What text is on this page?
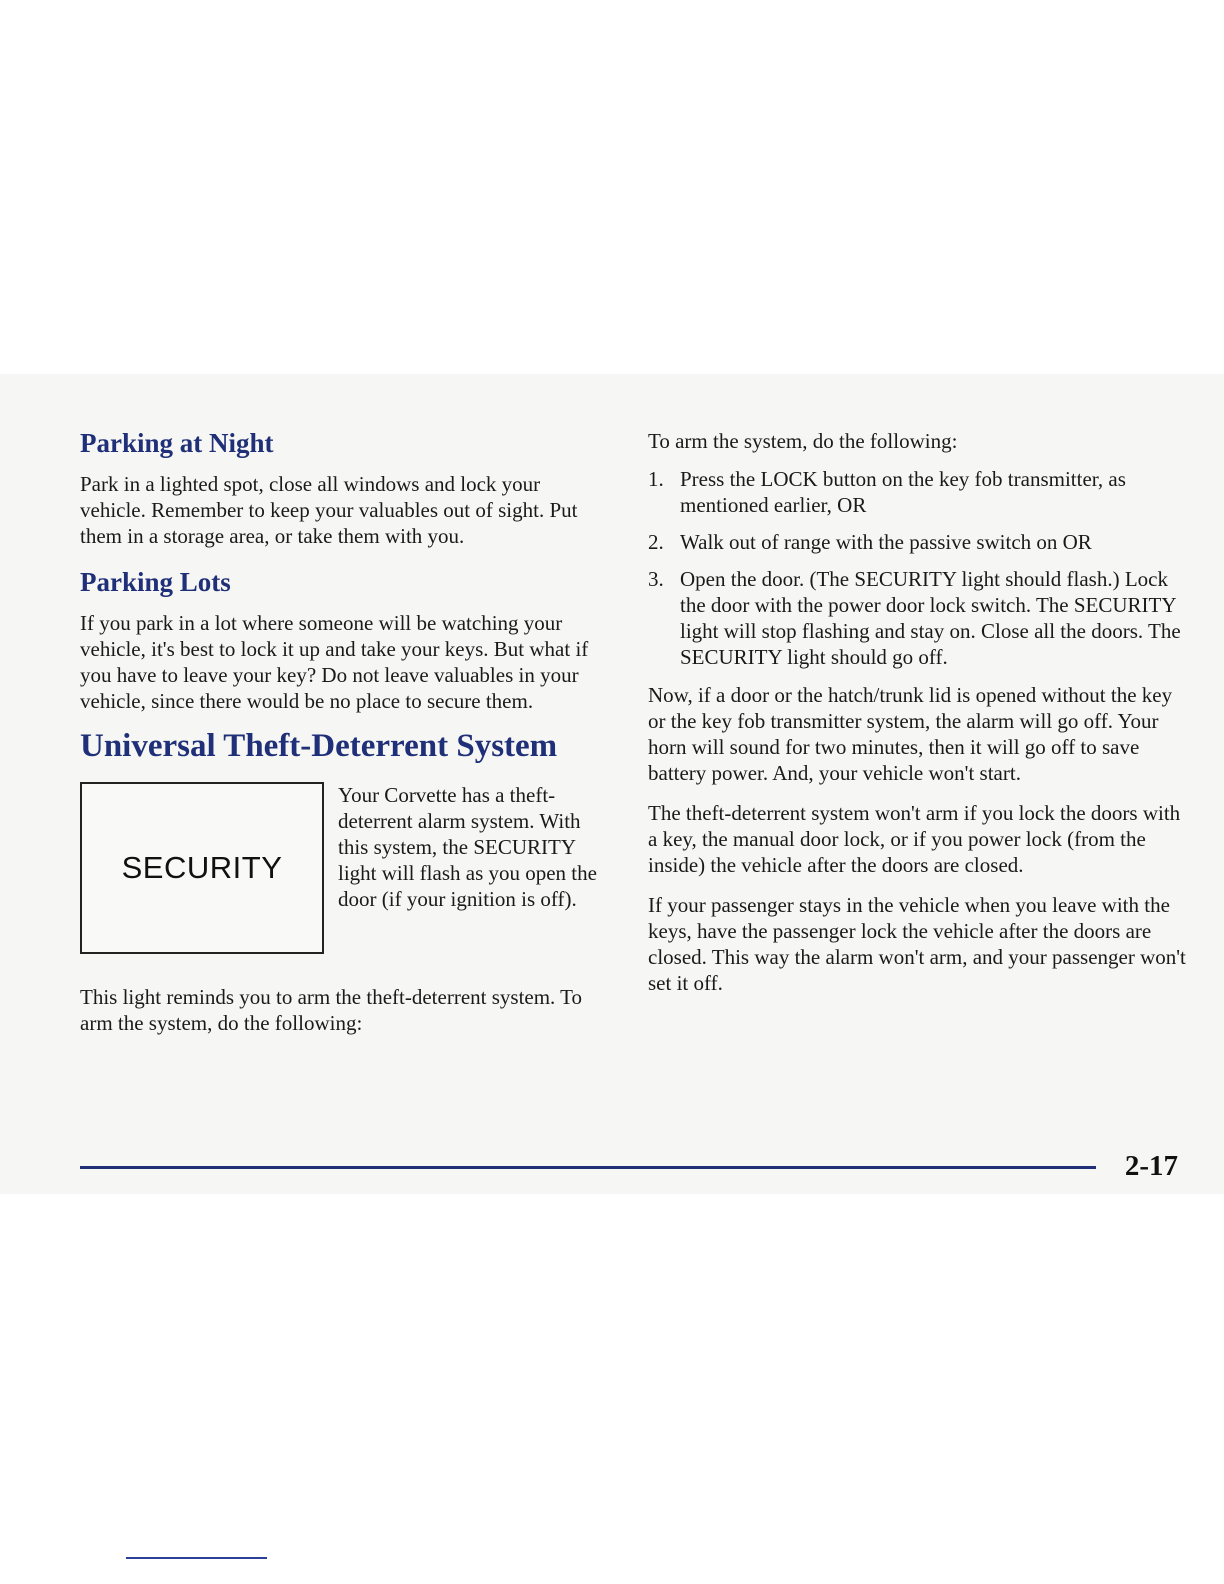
Parking at Night

Park in a lighted spot, close all windows and lock your vehicle. Remember to keep your valuables out of sight. Put them in a storage area, or take them with you.

Parking Lots

If you park in a lot where someone will be watching your vehicle, it's best to lock it up and take your keys. But what if you have to leave your key? Do not leave valuables in your vehicle, since there would be no place to secure them.

Universal Theft-Deterrent System
SECURITY

Your Corvette has a theft-deterrent alarm system. With this system, the SECURITY light will flash as you open the door (if your ignition is off).

This light reminds you to arm the theft-deterrent system. To arm the system, do the following:

To arm the system, do the following:

1. Press the LOCK button on the key fob transmitter, as mentioned earlier, OR
2. Walk out of range with the passive switch on OR
3. Open the door. (The SECURITY light should flash.) Lock the door with the power door lock switch. The SECURITY light will stop flashing and stay on. Close all the doors. The SECURITY light should go off.

Now, if a door or the hatch/trunk lid is opened without the key or the key fob transmitter system, the alarm will go off. Your horn will sound for two minutes, then it will go off to save battery power. And, your vehicle won't start.

The theft-deterrent system won't arm if you lock the doors with a key, the manual door lock, or if you power lock (from the inside) the vehicle after the doors are closed.

If your passenger stays in the vehicle when you leave with the keys, have the passenger lock the vehicle after the doors are closed. This way the alarm won't arm, and your passenger won't set it off.

2-17
